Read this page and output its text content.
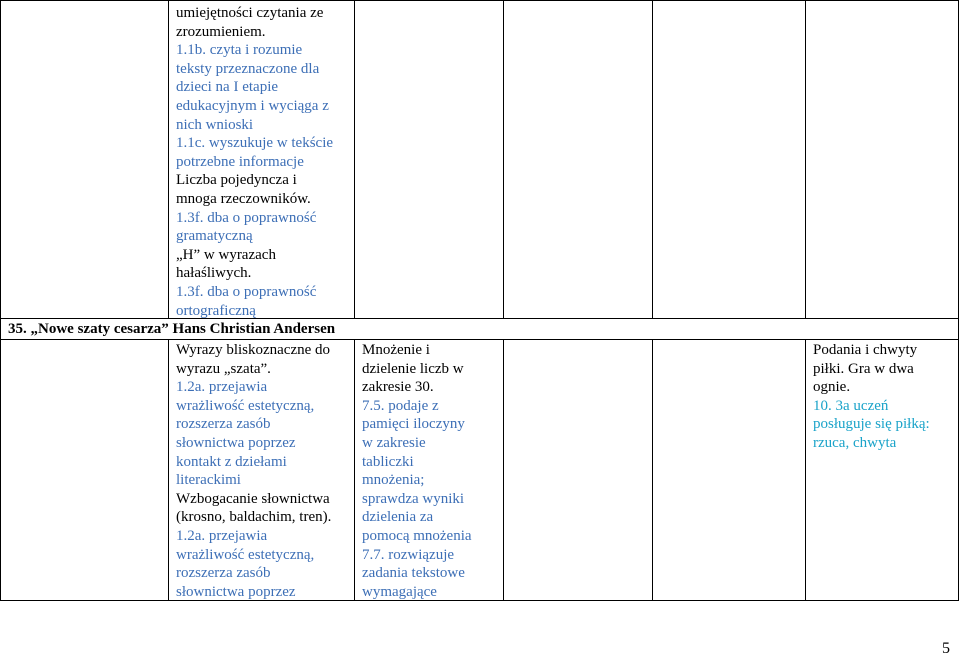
umiejętności czytania ze
zrozumieniem.
1.1b. czyta i rozumie
teksty przeznaczone dla
dzieci na I etapie
edukacyjnym i wyciąga z
nich wnioski
1.1c. wyszukuje w tekście
potrzebne informacje
Liczba pojedyncza i
mnoga rzeczowników.
1.3f. dba o poprawność
gramatyczną
„H” w wyrazach
hałaśliwych.
1.3f. dba o poprawność
ortograficzną
35. „Nowe szaty cesarza” Hans Christian Andersen
Wyrazy bliskoznaczne do
wyrazu „szata”.
1.2a. przejawia
wrażliwość estetyczną,
rozszerza zasób
słownictwa poprzez
kontakt z dziełami
literackimi
Wzbogacanie słownictwa
(krosno, baldachim, tren).
1.2a. przejawia
wrażliwość estetyczną,
rozszerza zasób
słownictwa poprzez
Mnożenie i
dzielenie liczb w
zakresie 30.
7.5. podaje z
pamięci iloczyny
w zakresie
tabliczki
mnożenia;
sprawdza wyniki
dzielenia za
pomocą mnożenia
7.7. rozwiązuje
zadania tekstowe
wymagające
Podania i chwyty
piłki. Gra w dwa
ognie.
10. 3a uczeń
posługuje się piłką:
rzuca, chwyta
5
